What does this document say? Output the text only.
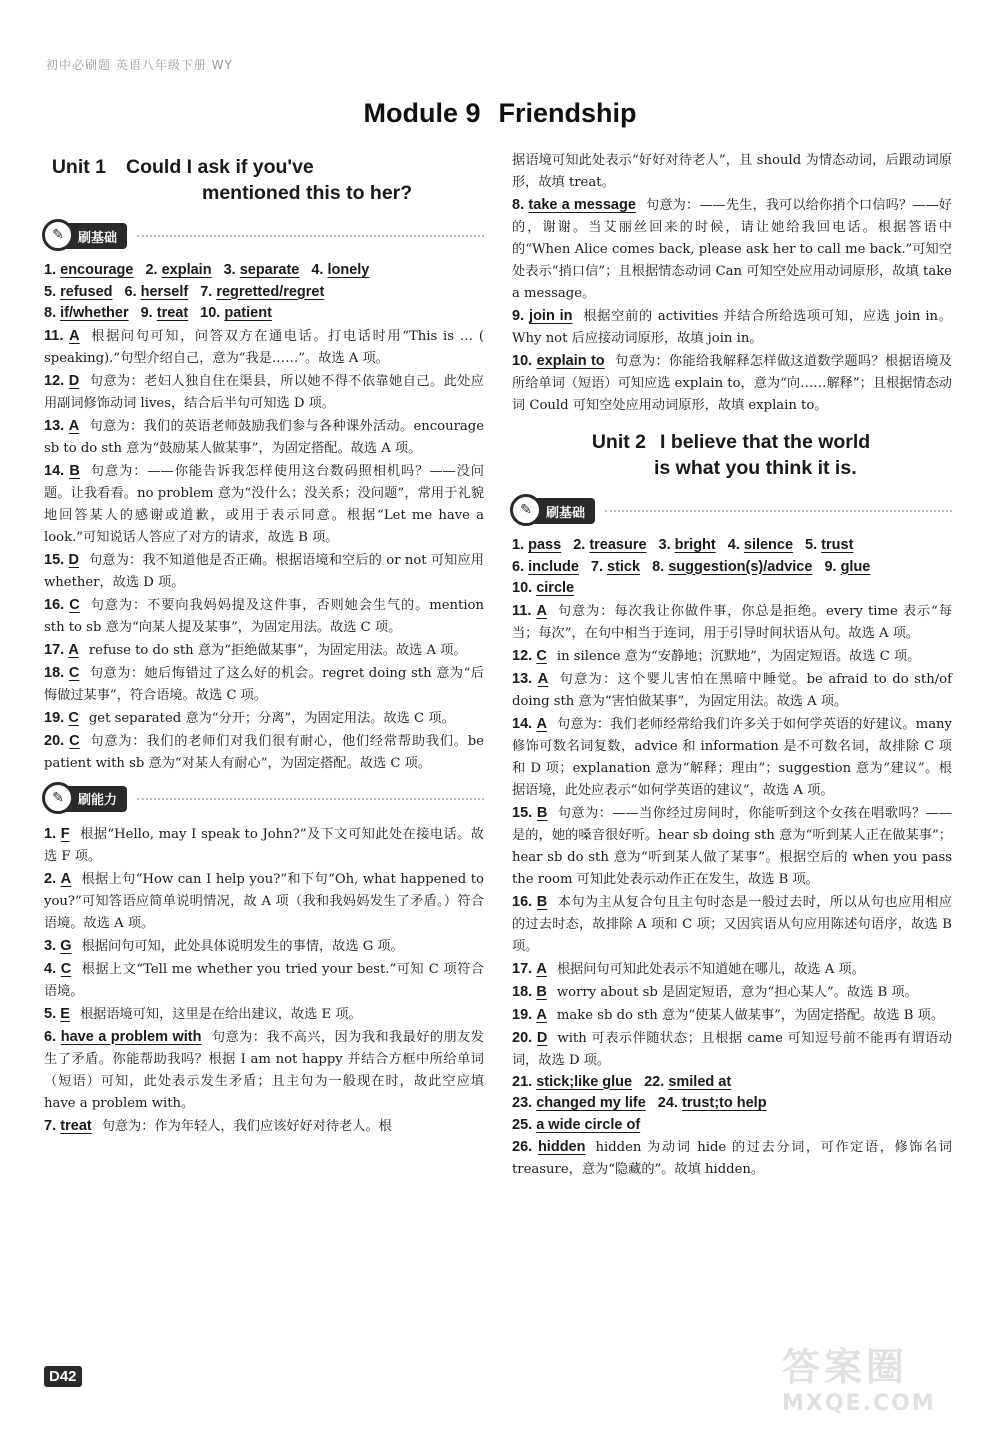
初中必刷题 英语八年级下册 WY
Module 9 Friendship
Unit 1	Could I ask if you've
mentioned this to her?
✎	刷基础
1. encourage 2. explain 3. separate 4. lonely
5. refused 6. herself 7. regretted/regret
8. if/whether 9. treat 10. patient
11. A 根据问句可知，问答双方在通电话。打电话时用“This is … ( speaking).”句型介绍自己，意为“我是……”。故选 A 项。
12. D 句意为：老妇人独自住在渠县，所以她不得不依靠她自己。此处应用副词修饰动词 lives，结合后半句可知选 D 项。
13. A 句意为：我们的英语老师鼓励我们参与各种课外活动。encourage sb to do sth 意为“鼓励某人做某事”，为固定搭配。故选 A 项。
14. B 句意为：——你能告诉我怎样使用这台数码照相机吗？——没问题。让我看看。no problem 意为“没什么；没关系；没问题”，常用于礼貌地回答某人的感谢或道歉，或用于表示同意。根据“Let me have a look.”可知说话人答应了对方的请求，故选 B 项。
15. D 句意为：我不知道他是否正确。根据语境和空后的 or not 可知应用 whether，故选 D 项。
16. C 句意为：不要向我妈妈提及这件事，否则她会生气的。mention sth to sb 意为“向某人提及某事”，为固定用法。故选 C 项。
17. A refuse to do sth 意为“拒绝做某事”，为固定用法。故选 A 项。
18. C 句意为：她后悔错过了这么好的机会。regret doing sth 意为“后悔做过某事”，符合语境。故选 C 项。
19. C get separated 意为“分开；分离”，为固定用法。故选 C 项。
20. C 句意为：我们的老师们对我们很有耐心，他们经常帮助我们。be patient with sb 意为“对某人有耐心”，为固定搭配。故选 C 项。
✎	刷能力
1. F 根据“Hello, may I speak to John?”及下文可知此处在接电话。故选 F 项。
2. A 根据上句“How can I help you?”和下句“Oh, what happened to you?”可知答语应简单说明情况，故 A 项（我和我妈妈发生了矛盾。）符合语境。故选 A 项。
3. G 根据问句可知，此处具体说明发生的事情，故选 G 项。
4. C 根据上文“Tell me whether you tried your best.”可知 C 项符合语境。
5. E 根据语境可知，这里是在给出建议，故选 E 项。
6. have a problem with 句意为：我不高兴，因为我和我最好的朋友发生了矛盾。你能帮助我吗？根据 I am not happy 并结合方框中所给单词（短语）可知，此处表示发生矛盾；且主句为一般现在时，故此空应填 have a problem with。
7. treat 句意为：作为年轻人，我们应该好好对待老人。根
据语境可知此处表示“好好对待老人”，且 should 为情态动词，后跟动词原形，故填 treat。
8. take a message 句意为：——先生，我可以给你捎个口信吗？——好的，谢谢。当艾丽丝回来的时候，请让她给我回电话。根据答语中的“When Alice comes back, please ask her to call me back.”可知空处表示“捎口信”；且根据情态动词 Can 可知空处应用动词原形，故填 take a message。
9. join in 根据空前的 activities 并结合所给选项可知，应选 join in。Why not 后应接动词原形，故填 join in。
10. explain to 句意为：你能给我解释怎样做这道数学题吗？根据语境及所给单词（短语）可知应选 explain to，意为“向……解释”；且根据情态动词 Could 可知空处应用动词原形，故填 explain to。
Unit 2 I believe that the world
is what you think it is.
✎	刷基础
1. pass 2. treasure 3. bright 4. silence 5. trust
6. include 7. stick 8. suggestion(s)/advice 9. glue
10. circle
11. A 句意为：每次我让你做件事，你总是拒绝。every time 表示“每当；每次”，在句中相当于连词，用于引导时间状语从句。故选 A 项。
12. C in silence 意为“安静地；沉默地”，为固定短语。故选 C 项。
13. A 句意为：这个婴儿害怕在黑暗中睡觉。be afraid to do sth/of doing sth 意为“害怕做某事”，为固定用法。故选 A 项。
14. A 句意为：我们老师经常给我们许多关于如何学英语的好建议。many 修饰可数名词复数，advice 和 information 是不可数名词，故排除 C 项和 D 项；explanation 意为“解释；理由”；suggestion 意为“建议”。根据语境，此处应表示“如何学英语的建议”，故选 A 项。
15. B 句意为：——当你经过房间时，你能听到这个女孩在唱歌吗？——是的，她的嗓音很好听。hear sb doing sth 意为“听到某人正在做某事”；hear sb do sth 意为“听到某人做了某事”。根据空后的 when you pass the room 可知此处表示动作正在发生，故选 B 项。
16. B 本句为主从复合句且主句时态是一般过去时，所以从句也应用相应的过去时态，故排除 A 项和 C 项；又因宾语从句应用陈述句语序，故选 B 项。
17. A 根据问句可知此处表示不知道她在哪儿，故选 A 项。
18. B worry about sb 是固定短语，意为“担心某人”。故选 B 项。
19. A make sb do sth 意为“使某人做某事”，为固定搭配。故选 B 项。
20. D with 可表示伴随状态；且根据 came 可知逗号前不能再有谓语动词，故选 D 项。
21. stick;like glue 22. smiled at
23. changed my life 24. trust;to help
25. a wide circle of
26. hidden hidden 为动词 hide 的过去分词，可作定语，修饰名词 treasure，意为“隐藏的”。故填 hidden。
D42	答案圈
MXQE.COM
